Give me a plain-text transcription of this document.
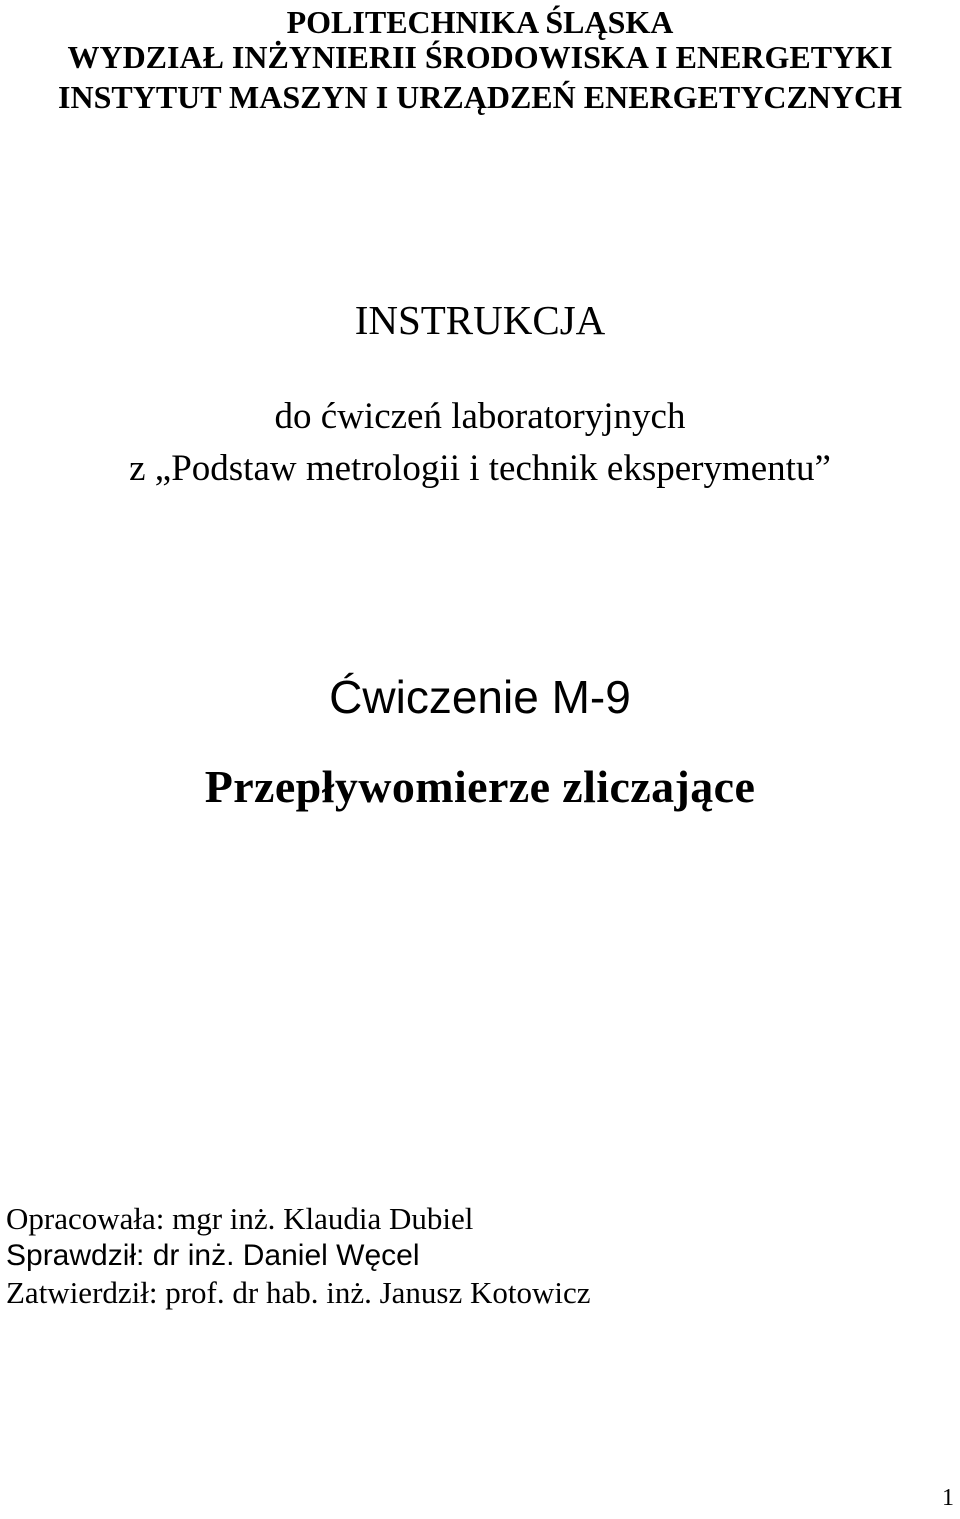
POLITECHNIKA ŚLĄSKA
WYDZIAŁ INŻYNIERII ŚRODOWISKA I ENERGETYKI
INSTYTUT MASZYN I URZĄDZEŃ ENERGETYCZNYCH
INSTRUKCJA
do ćwiczeń laboratoryjnych
z „Podstaw metrologii i technik eksperymentu”
Ćwiczenie M-9
Przepływomierze zliczające
Opracowała: mgr inż. Klaudia Dubiel
Sprawdził: dr inż. Daniel Węcel
Zatwierdził: prof. dr hab. inż. Janusz Kotowicz
1
